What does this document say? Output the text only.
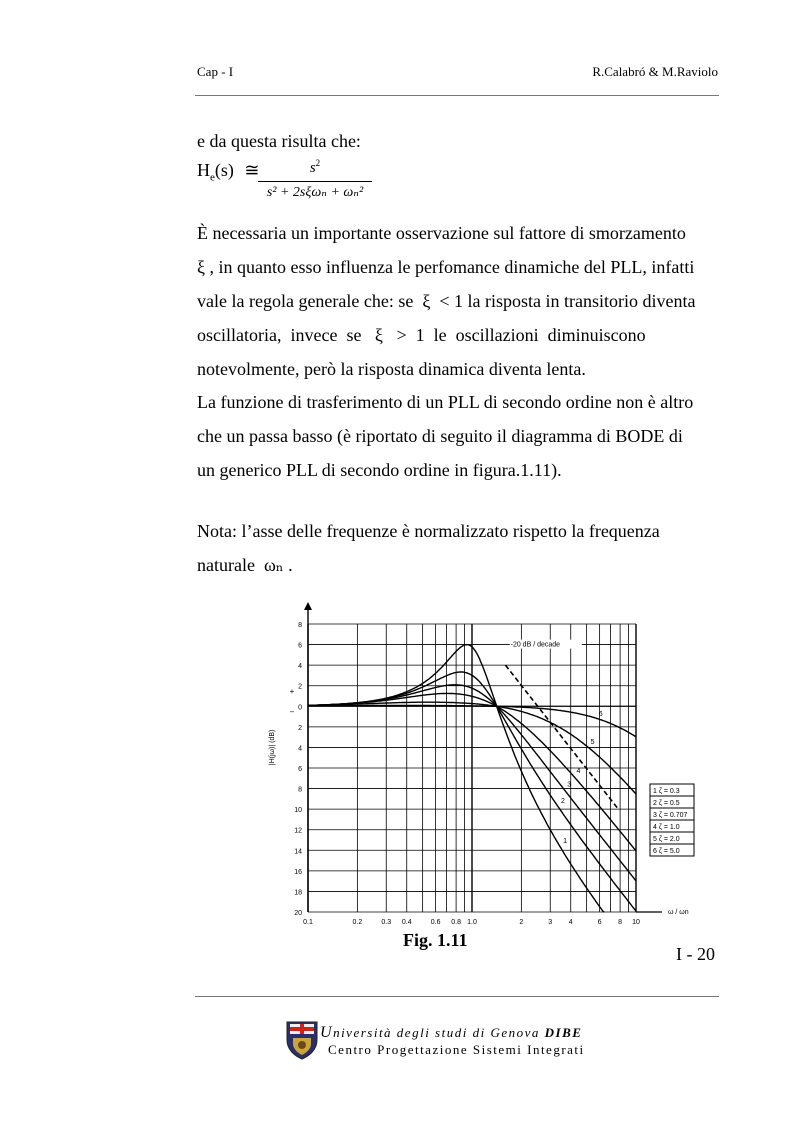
Cap - I	R.Calabró & M.Raviolo
e da questa risulta che:
$H_e(s)$ ≅	$s^2$
s² + 2sξωₙ + ωₙ²
È necessaria un importante osservazione sul fattore di smorzamento
ξ , in quanto esso influenza le perfomance dinamiche del PLL, infatti
vale la regola generale che: se  ξ  < 1 la risposta in transitorio diventa
oscillatoria,  invece  se   ξ   >  1  le  oscillazioni  diminuiscono
notevolmente, però la risposta dinamica diventa lenta.
La funzione di trasferimento di un PLL di secondo ordine non è altro
che un passa basso (è riportato di seguito il diagramma di BODE di
un generico PLL di secondo ordine in figura.1.11).
Nota: l’asse delle frequenze è normalizzato rispetto la frequenza
naturale  ωₙ .
8
6
4
2
0
2
4
6
8
10
12
14
16
18
20
+
−
0.1	0.2	0.3 0.4	0.6 0.8 1.0	2	3 4	6 8 10
ω / ωn
|H(jω)| (dB)
1
2
3
4
5
6
-20 dB / decade
1 ζ = 0.3
2 ζ = 0.5
3 ζ = 0.707
4 ζ = 1.0
5 ζ = 2.0
6 ζ = 5.0
Fig. 1.11
I - 20
Università degli studi di Genova DIBE
Centro Progettazione Sistemi Integrati
